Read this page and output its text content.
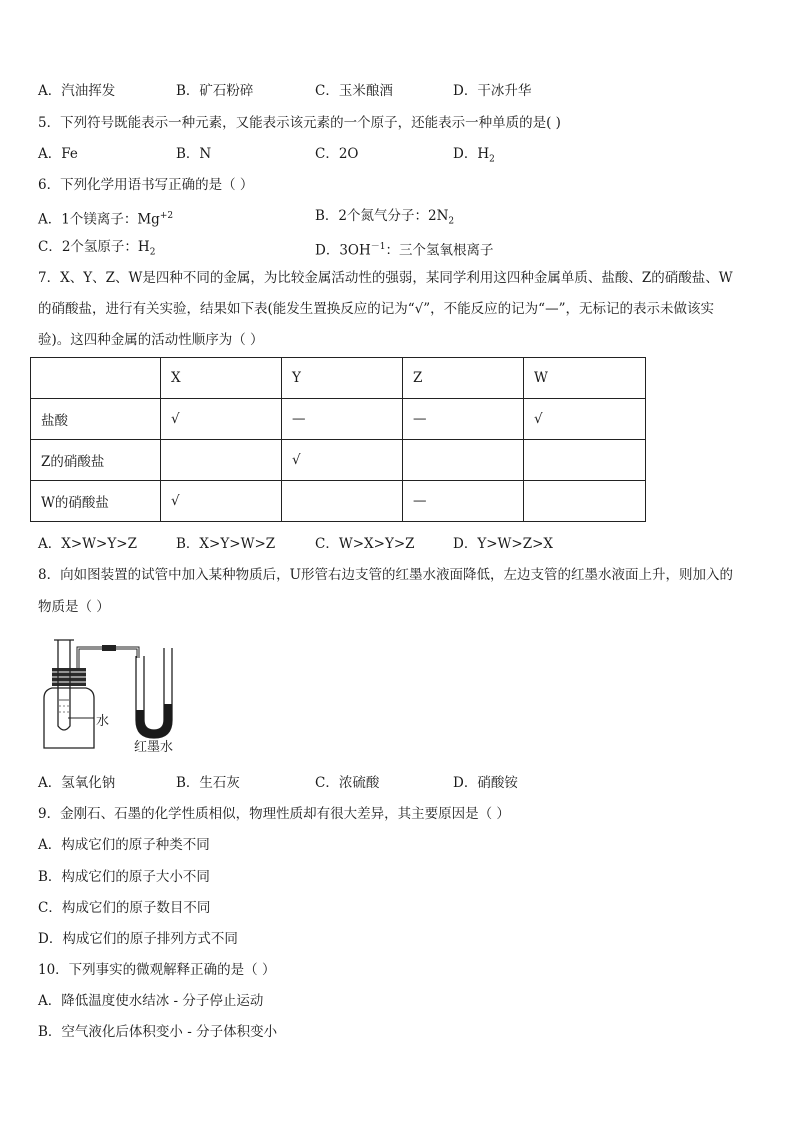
A．汽油挥发	B．矿石粉碎	C．玉米酿酒	D．干冰升华
5．下列符号既能表示一种元素，又能表示该元素的一个原子，还能表示一种单质的是( )
A．Fe	B．N	C．2O	D．$H_2$
6．下列化学用语书写正确的是（ ）
A．1个镁离子：$Mg^{+2}$	B．2个氮气分子：$2N_2$
C．2个氢原子：$H_2$	D．$3OH^{-1}$：三个氢氧根离子
7．X、Y、Z、W是四种不同的金属，为比较金属活动性的强弱，某同学利用这四种金属单质、盐酸、Z的硝酸盐、W
的硝酸盐，进行有关实验，结果如下表(能发生置换反应的记为“√”，不能反应的记为“—”，无标记的表示未做该实
验)。这四种金属的活动性顺序为（ ）
	X	Y	Z	W
盐酸	√	—	—	√
Z的硝酸盐		√		
W的硝酸盐	√		—	
A．X>W>Y>Z	B．X>Y>W>Z	C．W>X>Y>Z	D．Y>W>Z>X
8．向如图装置的试管中加入某种物质后，U形管右边支管的红墨水液面降低，左边支管的红墨水液面上升，则加入的
物质是（ ）
水
红墨水
A．氢氧化钠	B．生石灰	C．浓硫酸	D．硝酸铵
9．金刚石、石墨的化学性质相似，物理性质却有很大差异，其主要原因是（ ）
A．构成它们的原子种类不同
B．构成它们的原子大小不同
C．构成它们的原子数目不同
D．构成它们的原子排列方式不同
10．下列事实的微观解释正确的是（ ）
A．降低温度使水结冰 - 分子停止运动
B．空气液化后体积变小 - 分子体积变小
